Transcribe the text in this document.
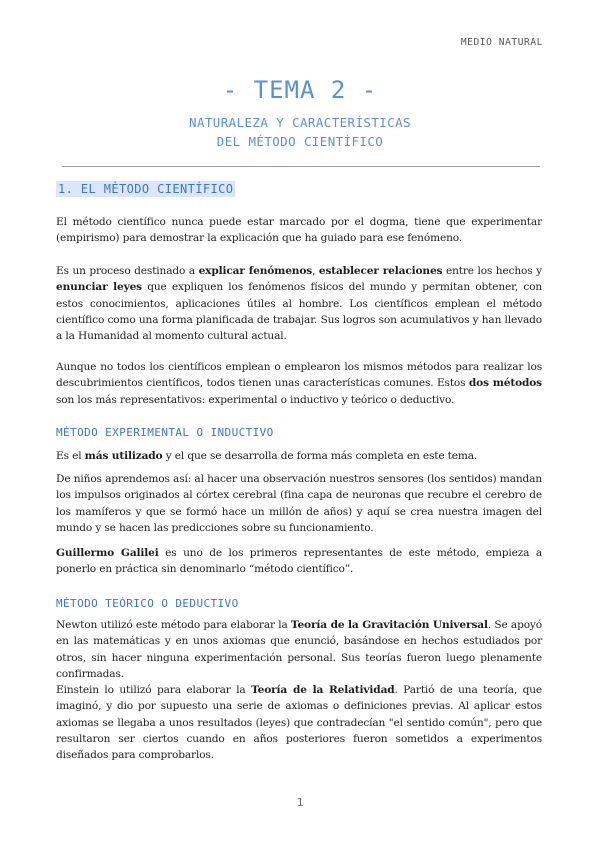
MEDIO NATURAL
- TEMA 2 -
NATURALEZA Y CARACTERÍSTICAS
DEL MÉTODO CIENTÍFICO
1. EL MÉTODO CIENTÍFICO

El método científico nunca puede estar marcado por el dogma, tiene que experimentar (empirismo) para demostrar la explicación que ha guiado para ese fenómeno.

Es un proceso destinado a explicar fenómenos, establecer relaciones entre los hechos y enunciar leyes que expliquen los fenómenos físicos del mundo y permitan obtener, con estos conocimientos, aplicaciones útiles al hombre. Los científicos emplean el método científico como una forma planificada de trabajar. Sus logros son acumulativos y han llevado a la Humanidad al momento cultural actual.

Aunque no todos los científicos emplean o emplearon los mismos métodos para realizar los descubrimientos científicos, todos tienen unas características comunes. Estos dos métodos son los más representativos: experimental o inductivo y teórico o deductivo.

MÉTODO EXPERIMENTAL O INDUCTIVO

Es el más utilizado y el que se desarrolla de forma más completa en este tema.

De niños aprendemos así: al hacer una observación nuestros sensores (los sentidos) mandan los impulsos originados al córtex cerebral (fina capa de neuronas que recubre el cerebro de los mamíferos y que se formó hace un millón de años) y aquí se crea nuestra imagen del mundo y se hacen las predicciones sobre su funcionamiento.

Guillermo Galilei es uno de los primeros representantes de este método, empieza a ponerlo en práctica sin denominarlo “método científico”.

MÉTODO TEÓRICO O DEDUCTIVO

Newton utilizó este método para elaborar la Teoría de la Gravitación Universal. Se apoyó en las matemáticas y en unos axiomas que enunció, basándose en hechos estudiados por otros, sin hacer ninguna experimentación personal. Sus teorías fueron luego plenamente confirmadas.

Einstein lo utilizó para elaborar la Teoría de la Relatividad. Partió de una teoría, que imaginó, y dio por supuesto una serie de axiomas o definiciones previas. Al aplicar estos axiomas se llegaba a unos resultados (leyes) que contradecían "el sentido común", pero que resultaron ser ciertos cuando en años posteriores fueron sometidos a experimentos diseñados para comprobarlos.

1
